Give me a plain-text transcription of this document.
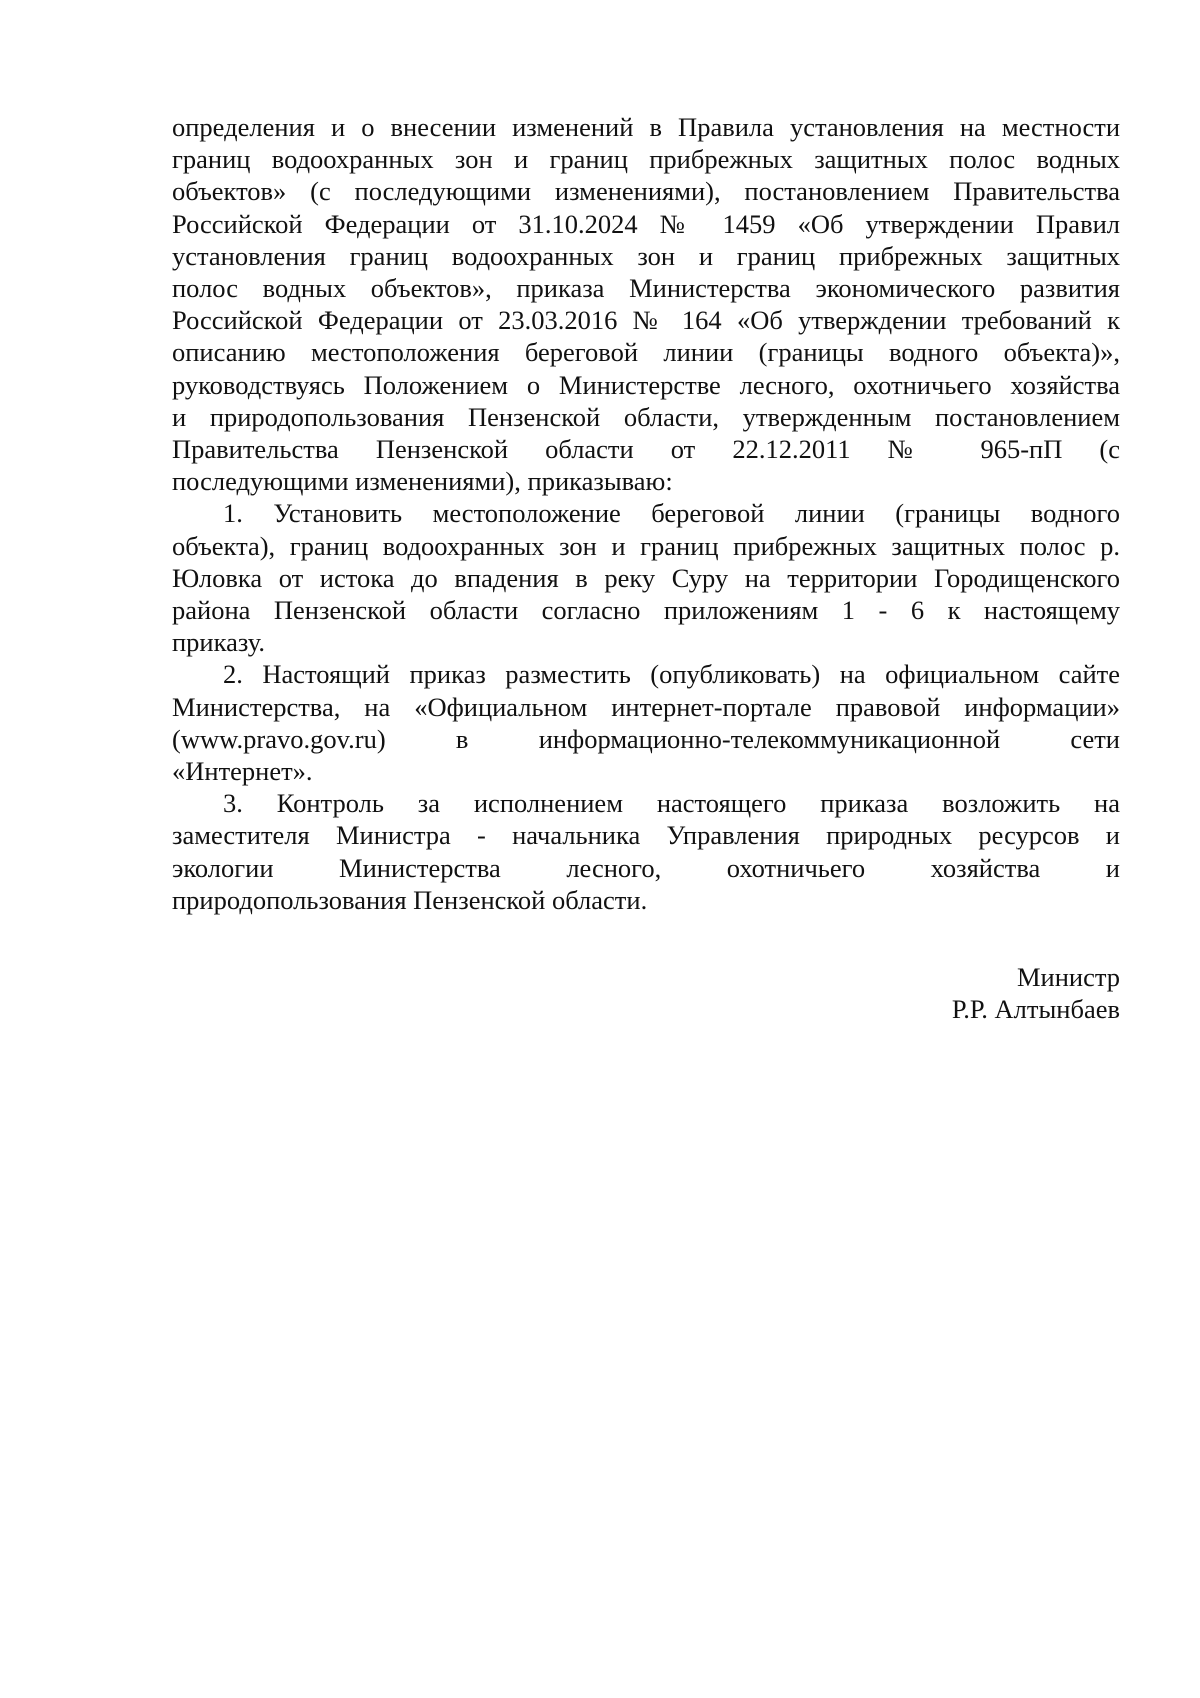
определения и о внесении изменений в Правила установления на местности
границ водоохранных зон и границ прибрежных защитных полос водных
объектов» (с последующими изменениями), постановлением Правительства
Российской Федерации от 31.10.2024 № 1459 «Об утверждении Правил
установления границ водоохранных зон и границ прибрежных защитных
полос водных объектов», приказа Министерства экономического развития
Российской Федерации от 23.03.2016 № 164 «Об утверждении требований к
описанию местоположения береговой линии (границы водного объекта)»,
руководствуясь Положением о Министерстве лесного, охотничьего хозяйства
и природопользования Пензенской области, утвержденным постановлением
Правительства Пензенской области от 22.12.2011 № 965-пП (с
последующими изменениями), приказываю:

1. Установить местоположение береговой линии (границы водного
объекта), границ водоохранных зон и границ прибрежных защитных полос р.
Юловка от истока до впадения в реку Суру на территории Городищенского
района Пензенской области согласно приложениям 1 - 6 к настоящему
приказу.

2. Настоящий приказ разместить (опубликовать) на официальном сайте
Министерства, на «Официальном интернет-портале правовой информации»
(www.pravo.gov.ru) в информационно-телекоммуникационной сети
«Интернет».

3. Контроль за исполнением настоящего приказа возложить на
заместителя Министра - начальника Управления природных ресурсов и
экологии Министерства лесного, охотничьего хозяйства и
природопользования Пензенской области.

Министр
Р.Р. Алтынбаев
